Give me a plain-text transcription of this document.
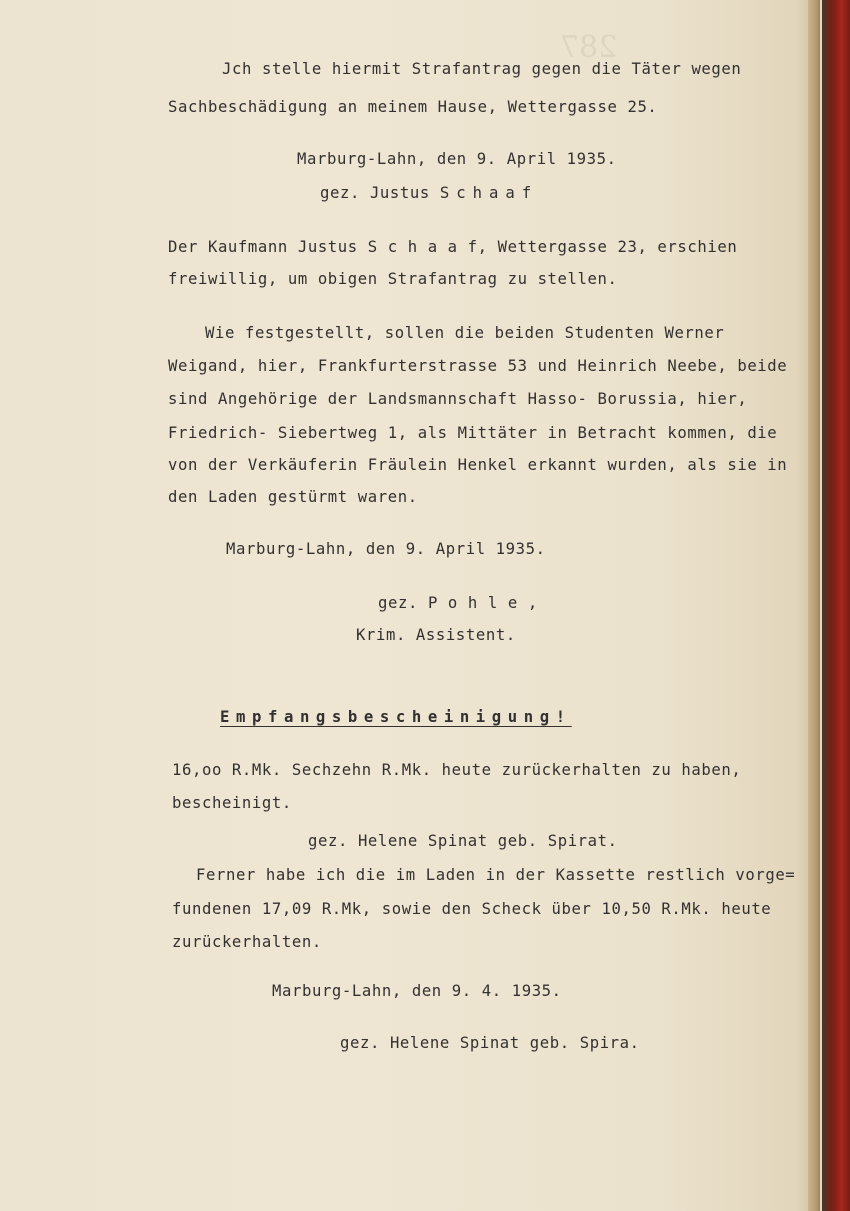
287
Jch stelle hiermit Strafantrag gegen die Täter wegen
Sachbeschädigung an meinem Hause, Wettergasse 25.
Marburg-Lahn, den 9. April 1935.
gez. Justus Schaaf
Der Kaufmann Justus S c h a a f, Wettergasse 23, erschien
freiwillig, um obigen Strafantrag zu stellen.
Wie festgestellt, sollen die beiden Studenten Werner
Weigand, hier, Frankfurterstrasse 53 und Heinrich Neebe, beide
sind Angehörige der Landsmannschaft Hasso- Borussia, hier,
Friedrich- Siebertweg 1, als Mittäter in Betracht kommen, die
von der Verkäuferin Fräulein Henkel erkannt wurden, als sie in
den Laden gestürmt waren.
Marburg-Lahn, den 9. April 1935.
gez. P o h l e ,
Krim. Assistent.
Empfangsbescheinigung!
16,oo R.Mk. Sechzehn R.Mk. heute zurückerhalten zu haben,
bescheinigt.
gez. Helene Spinat geb. Spirat.
Ferner habe ich die im Laden in der Kassette restlich vorge=
fundenen 17,09 R.Mk, sowie den Scheck über 10,50 R.Mk. heute
zurückerhalten.
Marburg-Lahn, den 9. 4. 1935.
gez. Helene Spinat geb. Spira.
